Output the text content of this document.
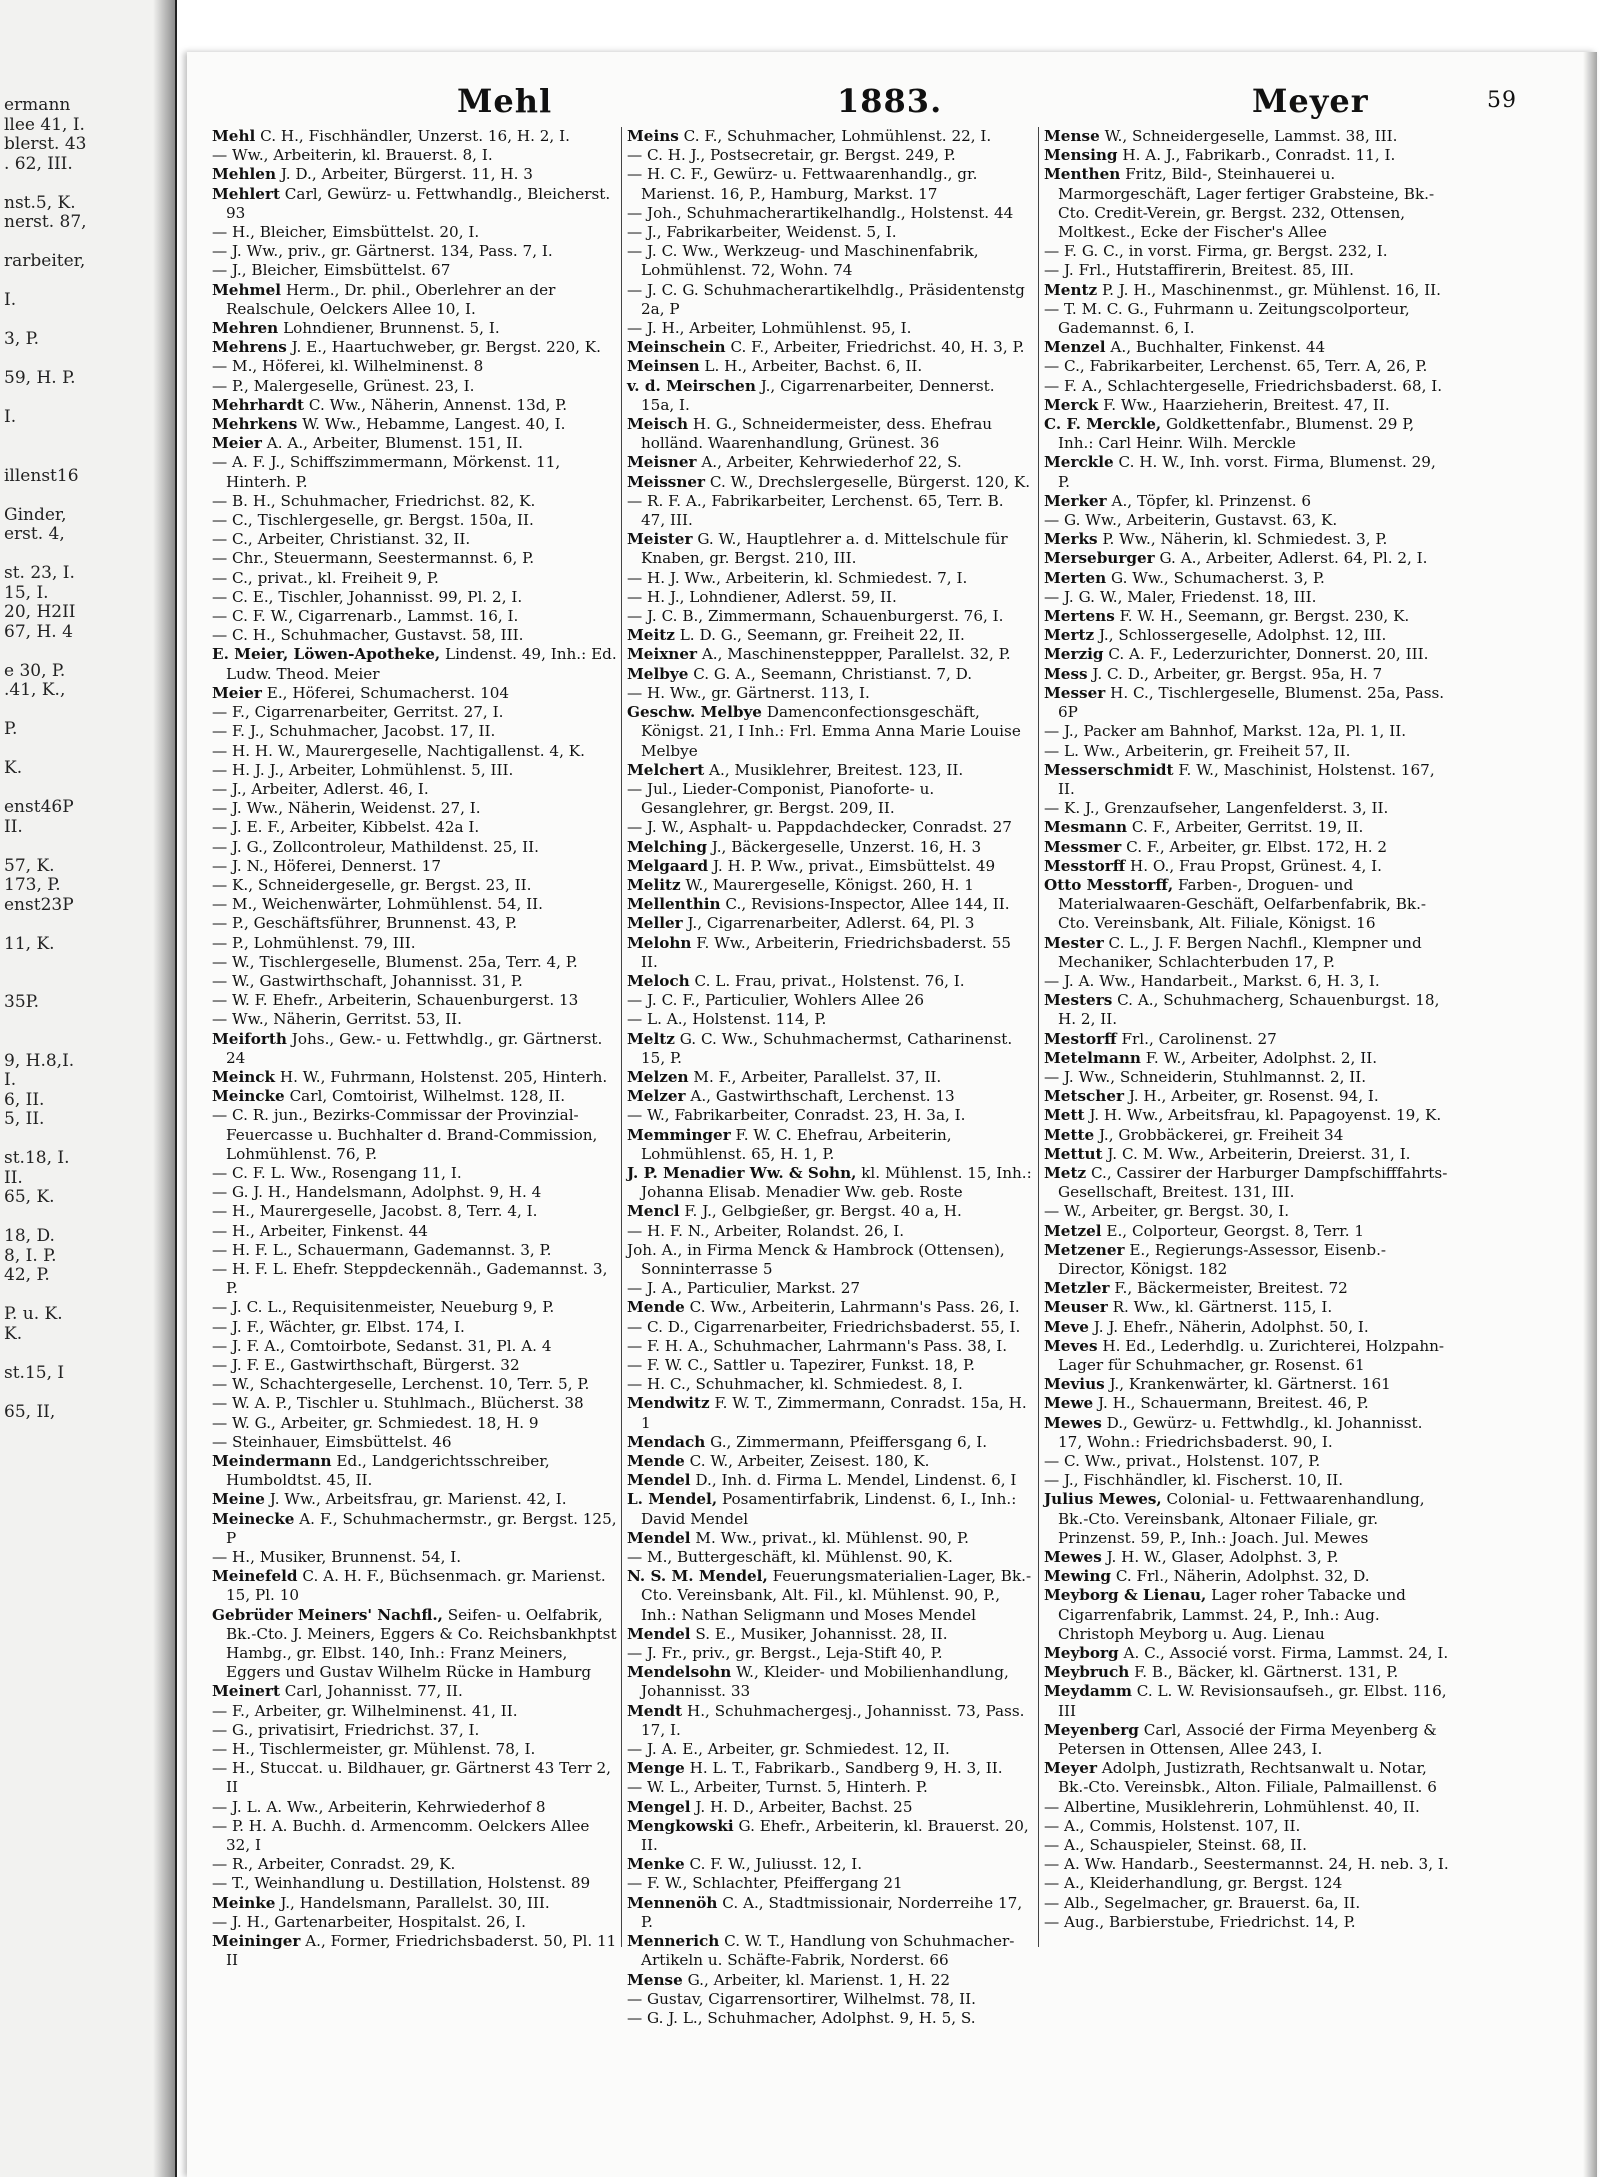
ermann
llee 41, I.
blerst. 43
. 62, III.
nst.5, K.
nerst. 87,
rarbeiter,
I.
3, P.
59, H. P.
I.
illenst16
Ginder,
erst. 4,
st. 23, I.
15, I.
20, H2II
67, H. 4
e 30, P.
.41, K.,
P.
K.
enst46P
II.
57, K.
173, P.
enst23P
11, K.
35P.
9, H.8,I.
I.
6, II.
5, II.
st.18, I.
II.
65, K.
18, D.
8, I. P.
42, P.
P. u. K.
K.
st.15, I
65, II,
Mehl	1883.	Meyer	59

Mehl C. H., Fischhändler, Unzerst. 16, H. 2, I.

— Ww., Arbeiterin, kl. Brauerst. 8, I.

Mehlen J. D., Arbeiter, Bürgerst. 11, H. 3

Mehlert Carl, Gewürz- u. Fettwhandlg., Bleicherst. 93

— H., Bleicher, Eimsbüttelst. 20, I.

— J. Ww., priv., gr. Gärtnerst. 134, Pass. 7, I.

— J., Bleicher, Eimsbüttelst. 67

Mehmel Herm., Dr. phil., Oberlehrer an der Realschule, Oelckers Allee 10, I.

Mehren Lohndiener, Brunnenst. 5, I.

Mehrens J. E., Haartuchweber, gr. Bergst. 220, K.

— M., Höferei, kl. Wilhelminenst. 8

— P., Malergeselle, Grünest. 23, I.

Mehrhardt C. Ww., Näherin, Annenst. 13d, P.

Mehrkens W. Ww., Hebamme, Langest. 40, I.

Meier A. A., Arbeiter, Blumenst. 151, II.

— A. F. J., Schiffszimmermann, Mörkenst. 11, Hinterh. P.

— B. H., Schuhmacher, Friedrichst. 82, K.

— C., Tischlergeselle, gr. Bergst. 150a, II.

— C., Arbeiter, Christianst. 32, II.

— Chr., Steuermann, Seestermannst. 6, P.

— C., privat., kl. Freiheit 9, P.

— C. E., Tischler, Johannisst. 99, Pl. 2, I.

— C. F. W., Cigarrenarb., Lammst. 16, I.

— C. H., Schuhmacher, Gustavst. 58, III.

E. Meier, Löwen-Apotheke, Lindenst. 49, Inh.: Ed. Ludw. Theod. Meier

Meier E., Höferei, Schumacherst. 104

— F., Cigarrenarbeiter, Gerritst. 27, I.

— F. J., Schuhmacher, Jacobst. 17, II.

— H. H. W., Maurergeselle, Nachtigallenst. 4, K.

— H. J. J., Arbeiter, Lohmühlenst. 5, III.

— J., Arbeiter, Adlerst. 46, I.

— J. Ww., Näherin, Weidenst. 27, I.

— J. E. F., Arbeiter, Kibbelst. 42a I.

— J. G., Zollcontroleur, Mathildenst. 25, II.

— J. N., Höferei, Dennerst. 17

— K., Schneidergeselle, gr. Bergst. 23, II.

— M., Weichenwärter, Lohmühlenst. 54, II.

— P., Geschäftsführer, Brunnenst. 43, P.

— P., Lohmühlenst. 79, III.

— W., Tischlergeselle, Blumenst. 25a, Terr. 4, P.

— W., Gastwirthschaft, Johannisst. 31, P.

— W. F. Ehefr., Arbeiterin, Schauenburgerst. 13

— Ww., Näherin, Gerritst. 53, II.

Meiforth Johs., Gew.- u. Fettwhdlg., gr. Gärtnerst. 24

Meinck H. W., Fuhrmann, Holstenst. 205, Hinterh.

Meincke Carl, Comtoirist, Wilhelmst. 128, II.

— C. R. jun., Bezirks-Commissar der Provinzial-Feuercasse u. Buchhalter d. Brand-Commission, Lohmühlenst. 76, P.

— C. F. L. Ww., Rosengang 11, I.

— G. J. H., Handelsmann, Adolphst. 9, H. 4

— H., Maurergeselle, Jacobst. 8, Terr. 4, I.

— H., Arbeiter, Finkenst. 44

— H. F. L., Schauermann, Gademannst. 3, P.

— H. F. L. Ehefr. Steppdeckennäh., Gademannst. 3, P.

— J. C. L., Requisitenmeister, Neueburg 9, P.

— J. F., Wächter, gr. Elbst. 174, I.

— J. F. A., Comtoirbote, Sedanst. 31, Pl. A. 4

— J. F. E., Gastwirthschaft, Bürgerst. 32

— W., Schachtergeselle, Lerchenst. 10, Terr. 5, P.

— W. A. P., Tischler u. Stuhlmach., Blücherst. 38

— W. G., Arbeiter, gr. Schmiedest. 18, H. 9

— Steinhauer, Eimsbüttelst. 46

Meindermann Ed., Landgerichtsschreiber, Humboldtst. 45, II.

Meine J. Ww., Arbeitsfrau, gr. Marienst. 42, I.

Meinecke A. F., Schuhmachermstr., gr. Bergst. 125, P

— H., Musiker, Brunnenst. 54, I.

Meinefeld C. A. H. F., Büchsenmach. gr. Marienst. 15, Pl. 10

Gebrüder Meiners' Nachfl., Seifen- u. Oelfabrik, Bk.-Cto. J. Meiners, Eggers & Co. Reichsbankhptst Hambg., gr. Elbst. 140, Inh.: Franz Meiners, Eggers und Gustav Wilhelm Rücke in Hamburg

Meinert Carl, Johannisst. 77, II.

— F., Arbeiter, gr. Wilhelminenst. 41, II.

— G., privatisirt, Friedrichst. 37, I.

— H., Tischlermeister, gr. Mühlenst. 78, I.

— H., Stuccat. u. Bildhauer, gr. Gärtnerst 43 Terr 2, II

— J. L. A. Ww., Arbeiterin, Kehrwiederhof 8

— P. H. A. Buchh. d. Armencomm. Oelckers Allee 32, I

— R., Arbeiter, Conradst. 29, K.

— T., Weinhandlung u. Destillation, Holstenst. 89

Meinke J., Handelsmann, Parallelst. 30, III.

— J. H., Gartenarbeiter, Hospitalst. 26, I.

Meininger A., Former, Friedrichsbaderst. 50, Pl. 11 II

Meins C. F., Schuhmacher, Lohmühlenst. 22, I.

— C. H. J., Postsecretair, gr. Bergst. 249, P.

— H. C. F., Gewürz- u. Fettwaarenhandlg., gr. Marienst. 16, P., Hamburg, Markst. 17

— Joh., Schuhmacherartikelhandlg., Holstenst. 44

— J., Fabrikarbeiter, Weidenst. 5, I.

— J. C. Ww., Werkzeug- und Maschinenfabrik, Lohmühlenst. 72, Wohn. 74

— J. C. G. Schuhmacherartikelhdlg., Präsidentenstg 2a, P

— J. H., Arbeiter, Lohmühlenst. 95, I.

Meinschein C. F., Arbeiter, Friedrichst. 40, H. 3, P.

Meinsen L. H., Arbeiter, Bachst. 6, II.

v. d. Meirschen J., Cigarrenarbeiter, Dennerst. 15a, I.

Meisch H. G., Schneidermeister, dess. Ehefrau holländ. Waarenhandlung, Grünest. 36

Meisner A., Arbeiter, Kehrwiederhof 22, S.

Meissner C. W., Drechslergeselle, Bürgerst. 120, K.

— R. F. A., Fabrikarbeiter, Lerchenst. 65, Terr. B. 47, III.

Meister G. W., Hauptlehrer a. d. Mittelschule für Knaben, gr. Bergst. 210, III.

— H. J. Ww., Arbeiterin, kl. Schmiedest. 7, I.

— H. J., Lohndiener, Adlerst. 59, II.

— J. C. B., Zimmermann, Schauenburgerst. 76, I.

Meitz L. D. G., Seemann, gr. Freiheit 22, II.

Meixner A., Maschinensteppper, Parallelst. 32, P.

Melbye C. G. A., Seemann, Christianst. 7, D.

— H. Ww., gr. Gärtnerst. 113, I.

Geschw. Melbye Damenconfectionsgeschäft, Königst. 21, I Inh.: Frl. Emma Anna Marie Louise Melbye

Melchert A., Musiklehrer, Breitest. 123, II.

— Jul., Lieder-Componist, Pianoforte- u. Gesanglehrer, gr. Bergst. 209, II.

— J. W., Asphalt- u. Pappdachdecker, Conradst. 27

Melching J., Bäckergeselle, Unzerst. 16, H. 3

Melgaard J. H. P. Ww., privat., Eimsbüttelst. 49

Melitz W., Maurergeselle, Königst. 260, H. 1

Mellenthin C., Revisions-Inspector, Allee 144, II.

Meller J., Cigarrenarbeiter, Adlerst. 64, Pl. 3

Melohn F. Ww., Arbeiterin, Friedrichsbaderst. 55 II.

Meloch C. L. Frau, privat., Holstenst. 76, I.

— J. C. F., Particulier, Wohlers Allee 26

— L. A., Holstenst. 114, P.

Meltz G. C. Ww., Schuhmachermst, Catharinenst. 15, P.

Melzen M. F., Arbeiter, Parallelst. 37, II.

Melzer A., Gastwirthschaft, Lerchenst. 13

— W., Fabrikarbeiter, Conradst. 23, H. 3a, I.

Memminger F. W. C. Ehefrau, Arbeiterin, Lohmühlenst. 65, H. 1, P.

J. P. Menadier Ww. & Sohn, kl. Mühlenst. 15, Inh.: Johanna Elisab. Menadier Ww. geb. Roste

Mencl F. J., Gelbgießer, gr. Bergst. 40 a, H.

— H. F. N., Arbeiter, Rolandst. 26, I.

Joh. A., in Firma Menck & Hambrock (Ottensen), Sonninterrasse 5

— J. A., Particulier, Markst. 27

Mende C. Ww., Arbeiterin, Lahrmann's Pass. 26, I.

— C. D., Cigarrenarbeiter, Friedrichsbaderst. 55, I.

— F. H. A., Schuhmacher, Lahrmann's Pass. 38, I.

— F. W. C., Sattler u. Tapezirer, Funkst. 18, P.

— H. C., Schuhmacher, kl. Schmiedest. 8, I.

Mendwitz F. W. T., Zimmermann, Conradst. 15a, H. 1

Mendach G., Zimmermann, Pfeiffersgang 6, I.

Mende C. W., Arbeiter, Zeisest. 180, K.

Mendel D., Inh. d. Firma L. Mendel, Lindenst. 6, I

L. Mendel, Posamentirfabrik, Lindenst. 6, I., Inh.: David Mendel

Mendel M. Ww., privat., kl. Mühlenst. 90, P.

— M., Buttergeschäft, kl. Mühlenst. 90, K.

N. S. M. Mendel, Feuerungsmaterialien-Lager, Bk.-Cto. Vereinsbank, Alt. Fil., kl. Mühlenst. 90, P., Inh.: Nathan Seligmann und Moses Mendel

Mendel S. E., Musiker, Johannisst. 28, II.

— J. Fr., priv., gr. Bergst., Leja-Stift 40, P.

Mendelsohn W., Kleider- und Mobilienhandlung, Johannisst. 33

Mendt H., Schuhmachergesj., Johannisst. 73, Pass. 17, I.

— J. A. E., Arbeiter, gr. Schmiedest. 12, II.

Menge H. L. T., Fabrikarb., Sandberg 9, H. 3, II.

— W. L., Arbeiter, Turnst. 5, Hinterh. P.

Mengel J. H. D., Arbeiter, Bachst. 25

Mengkowski G. Ehefr., Arbeiterin, kl. Brauerst. 20, II.

Menke C. F. W., Juliusst. 12, I.

— F. W., Schlachter, Pfeiffergang 21

Mennenöh C. A., Stadtmissionair, Norderreihe 17, P.

Mennerich C. W. T., Handlung von Schuhmacher-Artikeln u. Schäfte-Fabrik, Norderst. 66

Mense G., Arbeiter, kl. Marienst. 1, H. 22

— Gustav, Cigarrensortirer, Wilhelmst. 78, II.

— G. J. L., Schuhmacher, Adolphst. 9, H. 5, S.

Mense W., Schneidergeselle, Lammst. 38, III.

Mensing H. A. J., Fabrikarb., Conradst. 11, I.

Menthen Fritz, Bild-, Steinhauerei u. Marmorgeschäft, Lager fertiger Grabsteine, Bk.-Cto. Credit-Verein, gr. Bergst. 232, Ottensen, Moltkest., Ecke der Fischer's Allee

— F. G. C., in vorst. Firma, gr. Bergst. 232, I.

— J. Frl., Hutstaffirerin, Breitest. 85, III.

Mentz P. J. H., Maschinenmst., gr. Mühlenst. 16, II.

— T. M. C. G., Fuhrmann u. Zeitungscolporteur, Gademannst. 6, I.

Menzel A., Buchhalter, Finkenst. 44

— C., Fabrikarbeiter, Lerchenst. 65, Terr. A, 26, P.

— F. A., Schlachtergeselle, Friedrichsbaderst. 68, I.

Merck F. Ww., Haarzieherin, Breitest. 47, II.

C. F. Merckle, Goldkettenfabr., Blumenst. 29 P, Inh.: Carl Heinr. Wilh. Merckle

Merckle C. H. W., Inh. vorst. Firma, Blumenst. 29, P.

Merker A., Töpfer, kl. Prinzenst. 6

— G. Ww., Arbeiterin, Gustavst. 63, K.

Merks P. Ww., Näherin, kl. Schmiedest. 3, P.

Merseburger G. A., Arbeiter, Adlerst. 64, Pl. 2, I.

Merten G. Ww., Schumacherst. 3, P.

— J. G. W., Maler, Friedenst. 18, III.

Mertens F. W. H., Seemann, gr. Bergst. 230, K.

Mertz J., Schlossergeselle, Adolphst. 12, III.

Merzig C. A. F., Lederzurichter, Donnerst. 20, III.

Mess J. C. D., Arbeiter, gr. Bergst. 95a, H. 7

Messer H. C., Tischlergeselle, Blumenst. 25a, Pass. 6P

— J., Packer am Bahnhof, Markst. 12a, Pl. 1, II.

— L. Ww., Arbeiterin, gr. Freiheit 57, II.

Messerschmidt F. W., Maschinist, Holstenst. 167, II.

— K. J., Grenzaufseher, Langenfelderst. 3, II.

Mesmann C. F., Arbeiter, Gerritst. 19, II.

Messmer C. F., Arbeiter, gr. Elbst. 172, H. 2

Messtorff H. O., Frau Propst, Grünest. 4, I.

Otto Messtorff, Farben-, Droguen- und Materialwaaren-Geschäft, Oelfarbenfabrik, Bk.-Cto. Vereinsbank, Alt. Filiale, Königst. 16

Mester C. L., J. F. Bergen Nachfl., Klempner und Mechaniker, Schlachterbuden 17, P.

— J. A. Ww., Handarbeit., Markst. 6, H. 3, I.

Mesters C. A., Schuhmacherg, Schauenburgst. 18, H. 2, II.

Mestorff Frl., Carolinenst. 27

Metelmann F. W., Arbeiter, Adolphst. 2, II.

— J. Ww., Schneiderin, Stuhlmannst. 2, II.

Metscher J. H., Arbeiter, gr. Rosenst. 94, I.

Mett J. H. Ww., Arbeitsfrau, kl. Papagoyenst. 19, K.

Mette J., Grobbäckerei, gr. Freiheit 34

Mettut J. C. M. Ww., Arbeiterin, Dreierst. 31, I.

Metz C., Cassirer der Harburger Dampfschifffahrts-Gesellschaft, Breitest. 131, III.

— W., Arbeiter, gr. Bergst. 30, I.

Metzel E., Colporteur, Georgst. 8, Terr. 1

Metzener E., Regierungs-Assessor, Eisenb.-Director, Königst. 182

Metzler F., Bäckermeister, Breitest. 72

Meuser R. Ww., kl. Gärtnerst. 115, I.

Meve J. J. Ehefr., Näherin, Adolphst. 50, I.

Meves H. Ed., Lederhdlg. u. Zurichterei, Holzpahn-Lager für Schuhmacher, gr. Rosenst. 61

Mevius J., Krankenwärter, kl. Gärtnerst. 161

Mewe J. H., Schauermann, Breitest. 46, P.

Mewes D., Gewürz- u. Fettwhdlg., kl. Johannisst. 17, Wohn.: Friedrichsbaderst. 90, I.

— C. Ww., privat., Holstenst. 107, P.

— J., Fischhändler, kl. Fischerst. 10, II.

Julius Mewes, Colonial- u. Fettwaarenhandlung, Bk.-Cto. Vereinsbank, Altonaer Filiale, gr. Prinzenst. 59, P., Inh.: Joach. Jul. Mewes

Mewes J. H. W., Glaser, Adolphst. 3, P.

Mewing C. Frl., Näherin, Adolphst. 32, D.

Meyborg & Lienau, Lager roher Tabacke und Cigarrenfabrik, Lammst. 24, P., Inh.: Aug. Christoph Meyborg u. Aug. Lienau

Meyborg A. C., Associé vorst. Firma, Lammst. 24, I.

Meybruch F. B., Bäcker, kl. Gärtnerst. 131, P.

Meydamm C. L. W. Revisionsaufseh., gr. Elbst. 116, III

Meyenberg Carl, Associé der Firma Meyenberg & Petersen in Ottensen, Allee 243, I.

Meyer Adolph, Justizrath, Rechtsanwalt u. Notar, Bk.-Cto. Vereinsbk., Alton. Filiale, Palmaillenst. 6

— Albertine, Musiklehrerin, Lohmühlenst. 40, II.

— A., Commis, Holstenst. 107, II.

— A., Schauspieler, Steinst. 68, II.

— A. Ww. Handarb., Seestermannst. 24, H. neb. 3, I.

— A., Kleiderhandlung, gr. Bergst. 124

— Alb., Segelmacher, gr. Brauerst. 6a, II.

— Aug., Barbierstube, Friedrichst. 14, P.
